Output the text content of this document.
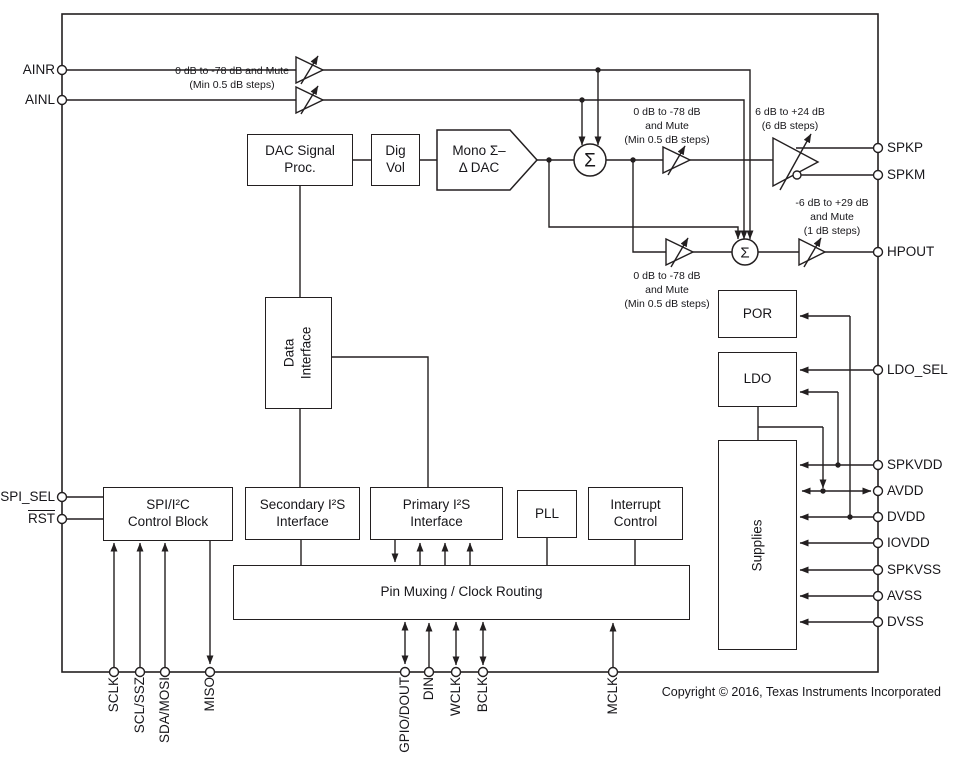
Σ
Σ
DAC Signal
Proc.
Dig
Vol
Mono Σ–
Δ DAC
Data
Interface
POR
LDO
Supplies
SPI/I²C
Control Block
Secondary I²S
Interface
Primary I²S
Interface
PLL
Interrupt
Control
Pin Muxing / Clock Routing
0 dB to -78 dB and Mute
(Min 0.5 dB steps)
0 dB to -78 dB
and Mute
(Min 0.5 dB steps)
6 dB to +24 dB
(6 dB steps)
-6 dB to +29 dB
and Mute
(1 dB steps)
0 dB to -78 dB
and Mute
(Min 0.5 dB steps)
AINR
AINL
SPI_SEL
$\overline{RST}$
SPKP
SPKM
HPOUT
LDO_SEL
SPKVDD
AVDD
DVDD
IOVDD
SPKVSS
AVSS
DVSS
SCLK SCL/SSZ SDA/MOSI MISO	GPIO/DOUT DIN WCLK BCLK	MCLK	Copyright © 2016, Texas Instruments Incorporated
